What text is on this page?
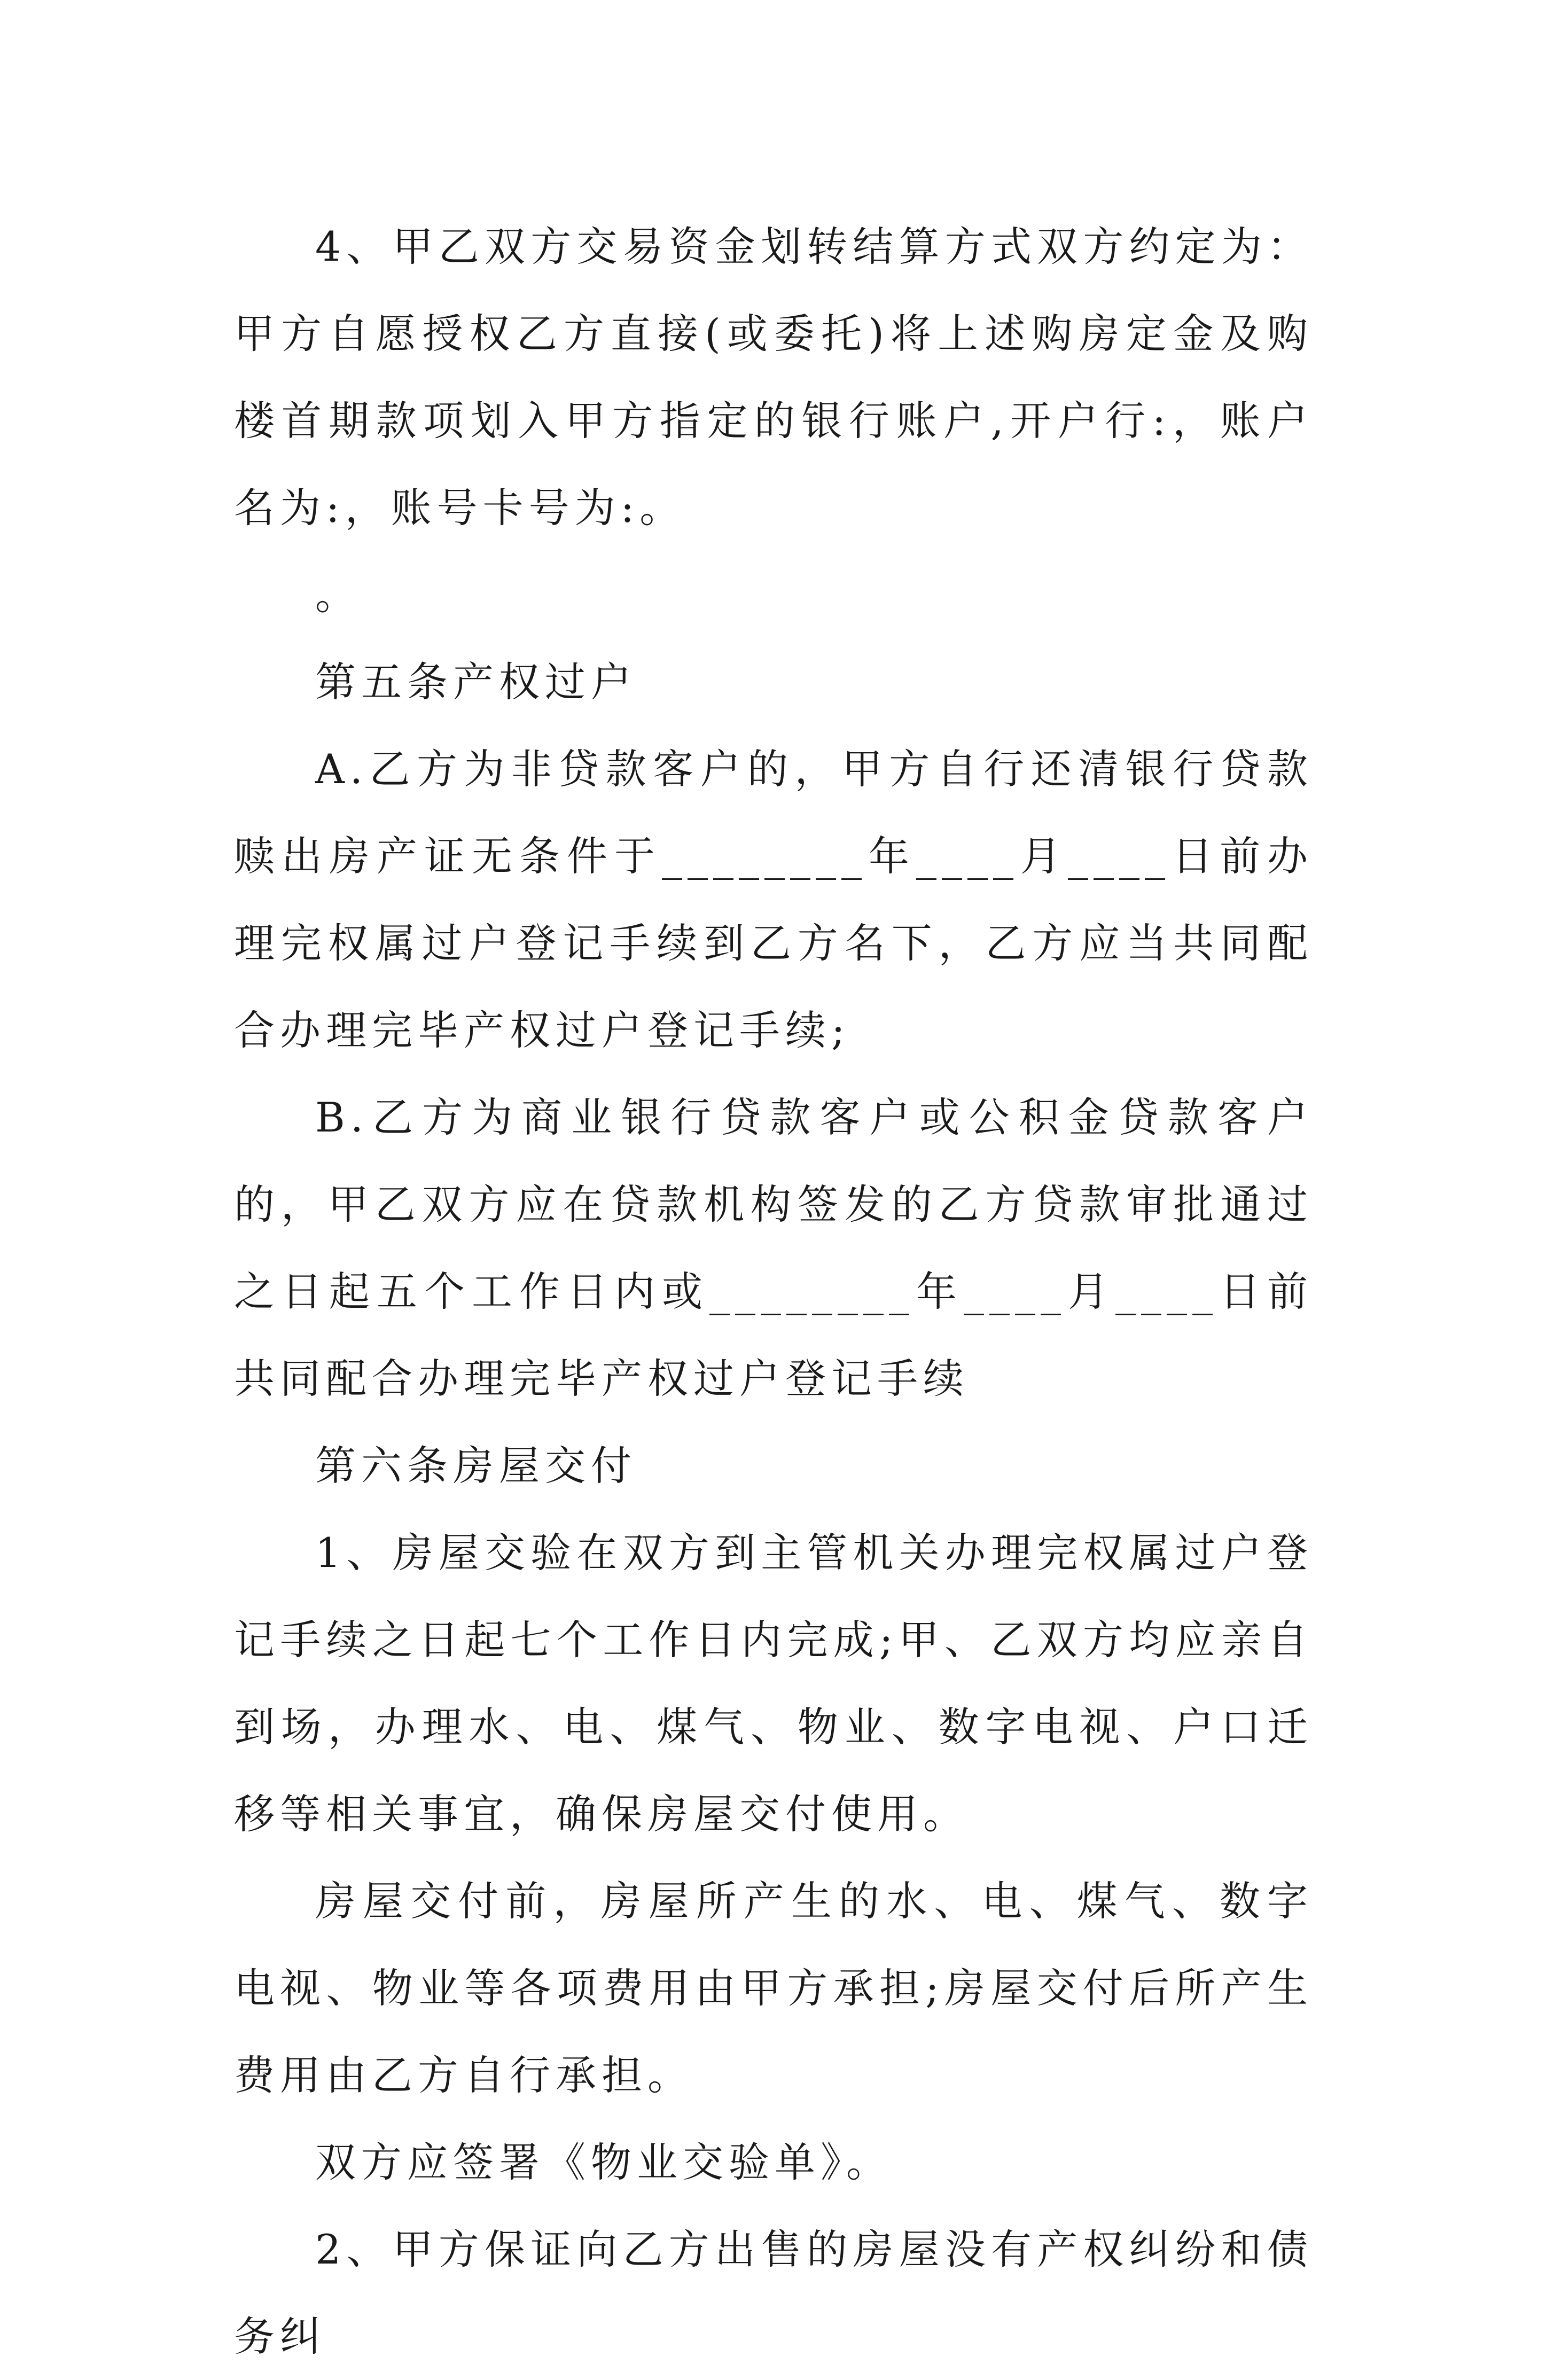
4、甲乙双方交易资金划转结算方式双方约定为：甲方自愿授权乙方直接(或委托)将上述购房定金及购楼首期款项划入甲方指定的银行账户,开户行:，账户名为:，账号卡号为:。

。

第五条产权过户

A.乙方为非贷款客户的，甲方自行还清银行贷款赎出房产证无条件于________年____月____日前办理完权属过户登记手续到乙方名下，乙方应当共同配合办理完毕产权过户登记手续;

B.乙方为商业银行贷款客户或公积金贷款客户的，甲乙双方应在贷款机构签发的乙方贷款审批通过之日起五个工作日内或________年____月____日前共同配合办理完毕产权过户登记手续

第六条房屋交付

1、房屋交验在双方到主管机关办理完权属过户登记手续之日起七个工作日内完成;甲、乙双方均应亲自到场，办理水、电、煤气、物业、数字电视、户口迁移等相关事宜，确保房屋交付使用。

房屋交付前，房屋所产生的水、电、煤气、数字电视、物业等各项费用由甲方承担;房屋交付后所产生费用由乙方自行承担。

双方应签署《物业交验单》。

2、甲方保证向乙方出售的房屋没有产权纠纷和债务纠
